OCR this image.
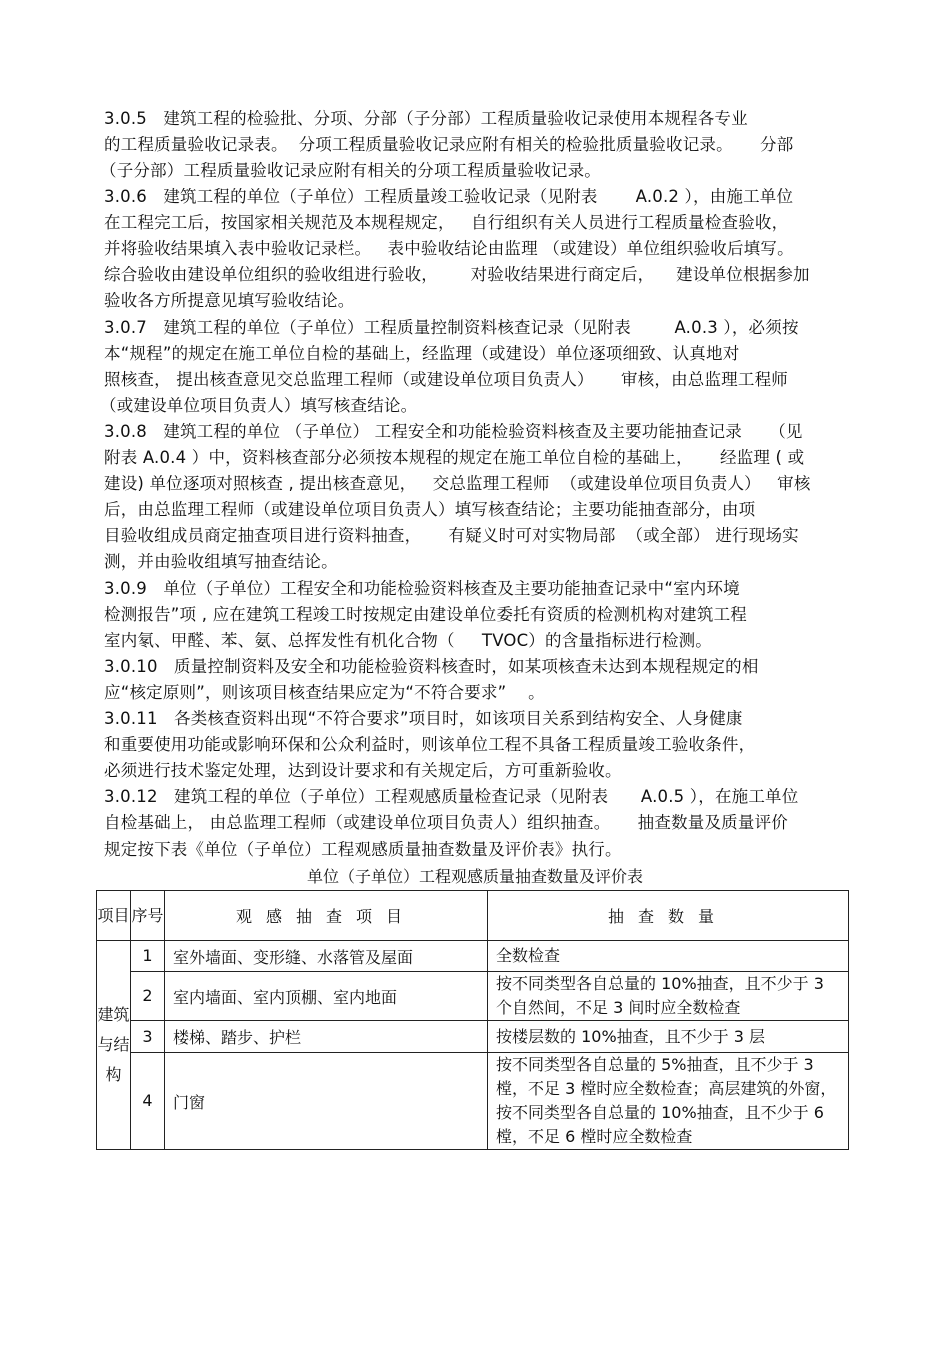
3.0.5   建筑工程的检验批、分项、分部（子分部）工程质量验收记录使用本规程各专业
的工程质量验收记录表。  分项工程质量验收记录应附有相关的检验批质量验收记录。     分部
（子分部）工程质量验收记录应附有相关的分项工程质量验收记录。
3.0.6   建筑工程的单位（子单位）工程质量竣工验收记录（见附表       A.0.2 ），由施工单位
在工程完工后，按国家相关规范及本规程规定，   自行组织有关人员进行工程质量检查验收，
并将验收结果填入表中验收记录栏。   表中验收结论由监理 （或建设）单位组织验收后填写。
综合验收由建设单位组织的验收组进行验收，      对验收结果进行商定后，    建设单位根据参加
验收各方所提意见填写验收结论。
3.0.7   建筑工程的单位（子单位）工程质量控制资料核查记录（见附表        A.0.3 ），必须按
本“规程”的规定在施工单位自检的基础上，经监理（或建设）单位逐项细致、认真地对
照核查， 提出核查意见交总监理工程师（或建设单位项目负责人）     审核，由总监理工程师
（或建设单位项目负责人）填写核查结论。
3.0.8   建筑工程的单位 （子单位） 工程安全和功能检验资料核查及主要功能抽查记录     （见
附表 A.0.4 ）中，资料核查部分必须按本规程的规定在施工单位自检的基础上，     经监理 ( 或
建设) 单位逐项对照核查 , 提出核查意见，   交总监理工程师  （或建设单位项目负责人）   审核
后，由总监理工程师（或建设单位项目负责人）填写核查结论；主要功能抽查部分，由项
目验收组成员商定抽查项目进行资料抽查，     有疑义时可对实物局部  （或全部） 进行现场实
测，并由验收组填写抽查结论。
3.0.9   单位（子单位）工程安全和功能检验资料核查及主要功能抽查记录中“室内环境
检测报告”项 , 应在建筑工程竣工时按规定由建设单位委托有资质的检测机构对建筑工程
室内氡、甲醛、苯、氨、总挥发性有机化合物（     TVOC）的含量指标进行检测。
3.0.10   质量控制资料及安全和功能检验资料核查时，如某项核查未达到本规程规定的相
应“核定原则”，则该项目核查结果应定为“不符合要求”    。
3.0.11   各类核查资料出现“不符合要求”项目时，如该项目关系到结构安全、人身健康
和重要使用功能或影响环保和公众利益时，则该单位工程不具备工程质量竣工验收条件，
必须进行技术鉴定处理，达到设计要求和有关规定后，方可重新验收。
3.0.12   建筑工程的单位（子单位）工程观感质量检查记录（见附表      A.0.5 ），在施工单位
自检基础上， 由总监理工程师（或建设单位项目负责人）组织抽查。     抽查数量及质量评价
规定按下表《单位（子单位）工程观感质量抽查数量及评价表》执行。
单位（子单位）工程观感质量抽查数量及评价表
项目	序号	观感抽查项目	抽查数量
建筑与结构	1	室外墙面、变形缝、水落管及屋面	全数检查
	2	室内墙面、室内顶棚、室内地面	按不同类型各自总量的 10%抽查，且不少于 3 个自然间，不足 3 间时应全数检查
	3	楼梯、踏步、护栏	按楼层数的 10%抽查，且不少于 3 层
	4	门窗	按不同类型各自总量的 5%抽查，且不少于 3 樘，不足 3 樘时应全数检查；高层建筑的外窗，按不同类型各自总量的 10%抽查，且不少于 6 樘，不足 6 樘时应全数检查
